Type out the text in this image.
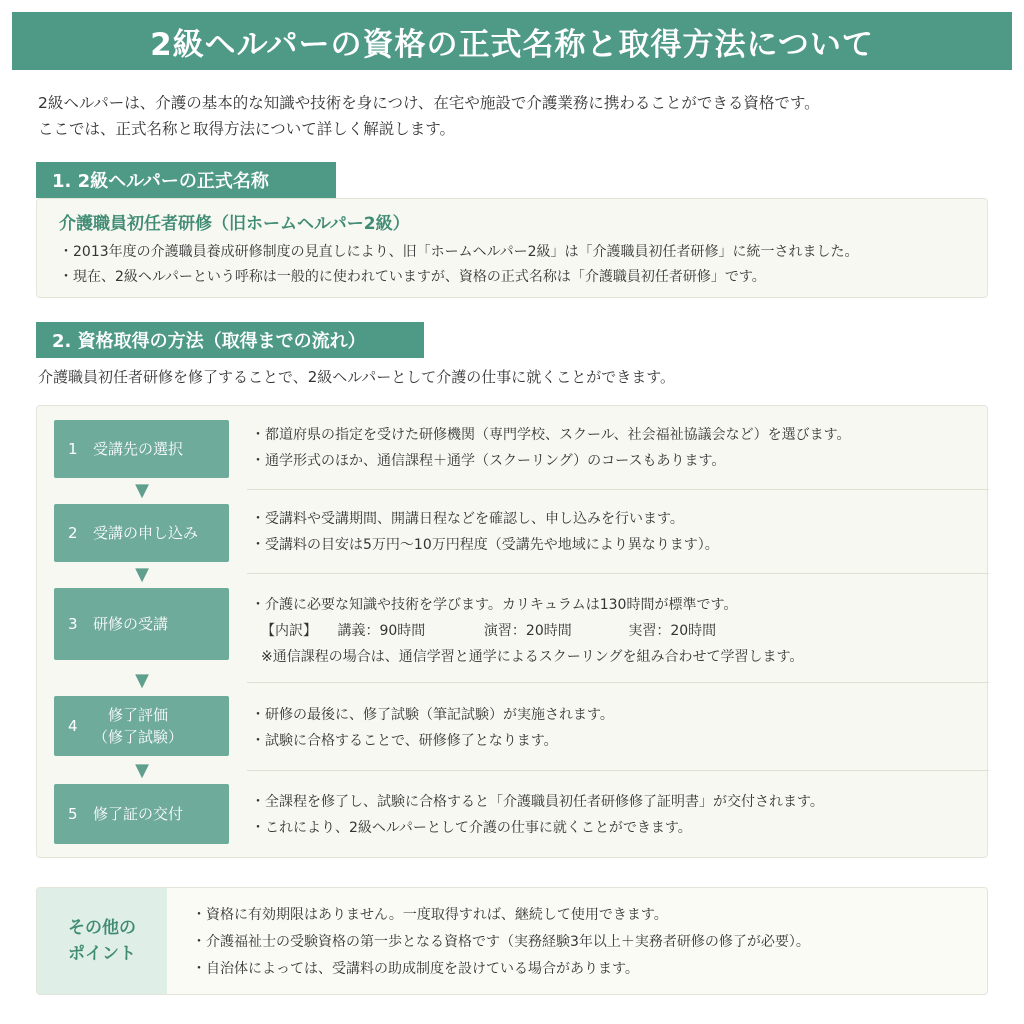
2級ヘルパーの資格の正式名称と取得方法について
2級ヘルパーは、介護の基本的な知識や技術を身につけ、在宅や施設で介護業務に携わることができる資格です。
ここでは、正式名称と取得方法について詳しく解説します。
1. 2級ヘルパーの正式名称
介護職員初任者研修（旧ホームヘルパー2級）
・2013年度の介護職員養成研修制度の見直しにより、旧「ホームヘルパー2級」は「介護職員初任者研修」に統一されました。
・現在、2級ヘルパーという呼称は一般的に使われていますが、資格の正式名称は「介護職員初任者研修」です。
2. 資格取得の方法（取得までの流れ）
介護職員初任者研修を修了することで、2級ヘルパーとして介護の仕事に就くことができます。
1	受講先の選択
・都道府県の指定を受けた研修機関（専門学校、スクール、社会福祉協議会など）を選びます。
・通学形式のほか、通信課程＋通学（スクーリング）のコースもあります。
▼
2	受講の申し込み
・受講料や受講期間、開講日程などを確認し、申し込みを行います。
・受講料の目安は5万円〜10万円程度（受講先や地域により異なります）。
▼
3	研修の受講
・介護に必要な知識や技術を学びます。カリキュラムは130時間が標準です。
【内訳】 講義：90時間	演習：20時間	実習：20時間
※通信課程の場合は、通信学習と通学によるスクーリングを組み合わせて学習します。
▼
4
修了評価
（修了試験）
・研修の最後に、修了試験（筆記試験）が実施されます。
・試験に合格することで、研修修了となります。
▼
5	修了証の交付
・全課程を修了し、試験に合格すると「介護職員初任者研修修了証明書」が交付されます。
・これにより、2級ヘルパーとして介護の仕事に就くことができます。
その他の
ポイント
・資格に有効期限はありません。一度取得すれば、継続して使用できます。
・介護福祉士の受験資格の第一歩となる資格です（実務経験3年以上＋実務者研修の修了が必要）。
・自治体によっては、受講料の助成制度を設けている場合があります。
